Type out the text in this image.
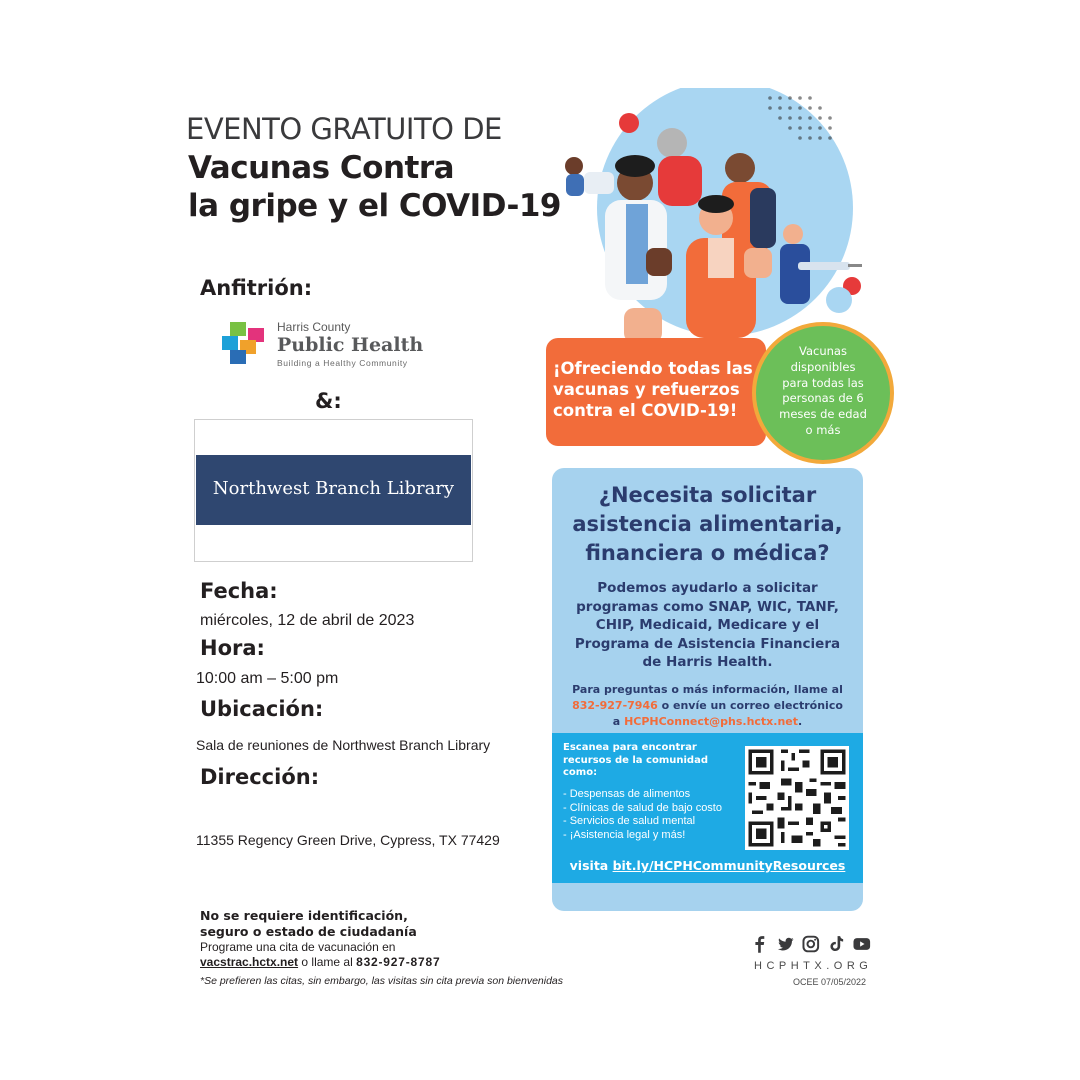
EVENTO GRATUITO DE
Vacunas Contra
la gripe y el COVID-19
Anfitrión:
Harris County
Public Health
Building a Healthy Community
&:
Northwest Branch Library
Fecha:
miércoles, 12 de abril de 2023
Hora:
10:00 am – 5:00 pm
Ubicación:
Sala de reuniones de Northwest Branch Library
Dirección:
11355 Regency Green Drive, Cypress, TX 77429
¡Ofreciendo todas las
vacunas y refuerzos
contra el COVID-19!
Vacunas
disponibles
para todas las
personas de 6
meses de edad
o más
¿Necesita solicitar
asistencia alimentaria,
financiera o médica?
Podemos ayudarlo a solicitar
programas como SNAP, WIC, TANF,
CHIP, Medicaid, Medicare y el
Programa de Asistencia Financiera
de Harris Health.
Para preguntas o más información, llame al
832-927-7946 o envíe un correo electrónico
a HCPHConnect@phs.hctx.net.
Escanea para encontrar
recursos de la comunidad
como:
- Despensas de alimentos
- Clínicas de salud de bajo costo
- Servicios de salud mental
- ¡Asistencia legal y más!
visita bit.ly/HCPHCommunityResources
No se requiere identificación,
seguro o estado de ciudadanía
Programe una cita de vacunación en
vacstrac.hctx.net o llame al 832-927-8787
*Se prefieren las citas, sin embargo, las visitas sin cita previa son bienvenidas
HCPHTX.ORG
OCEE 07/05/2022
